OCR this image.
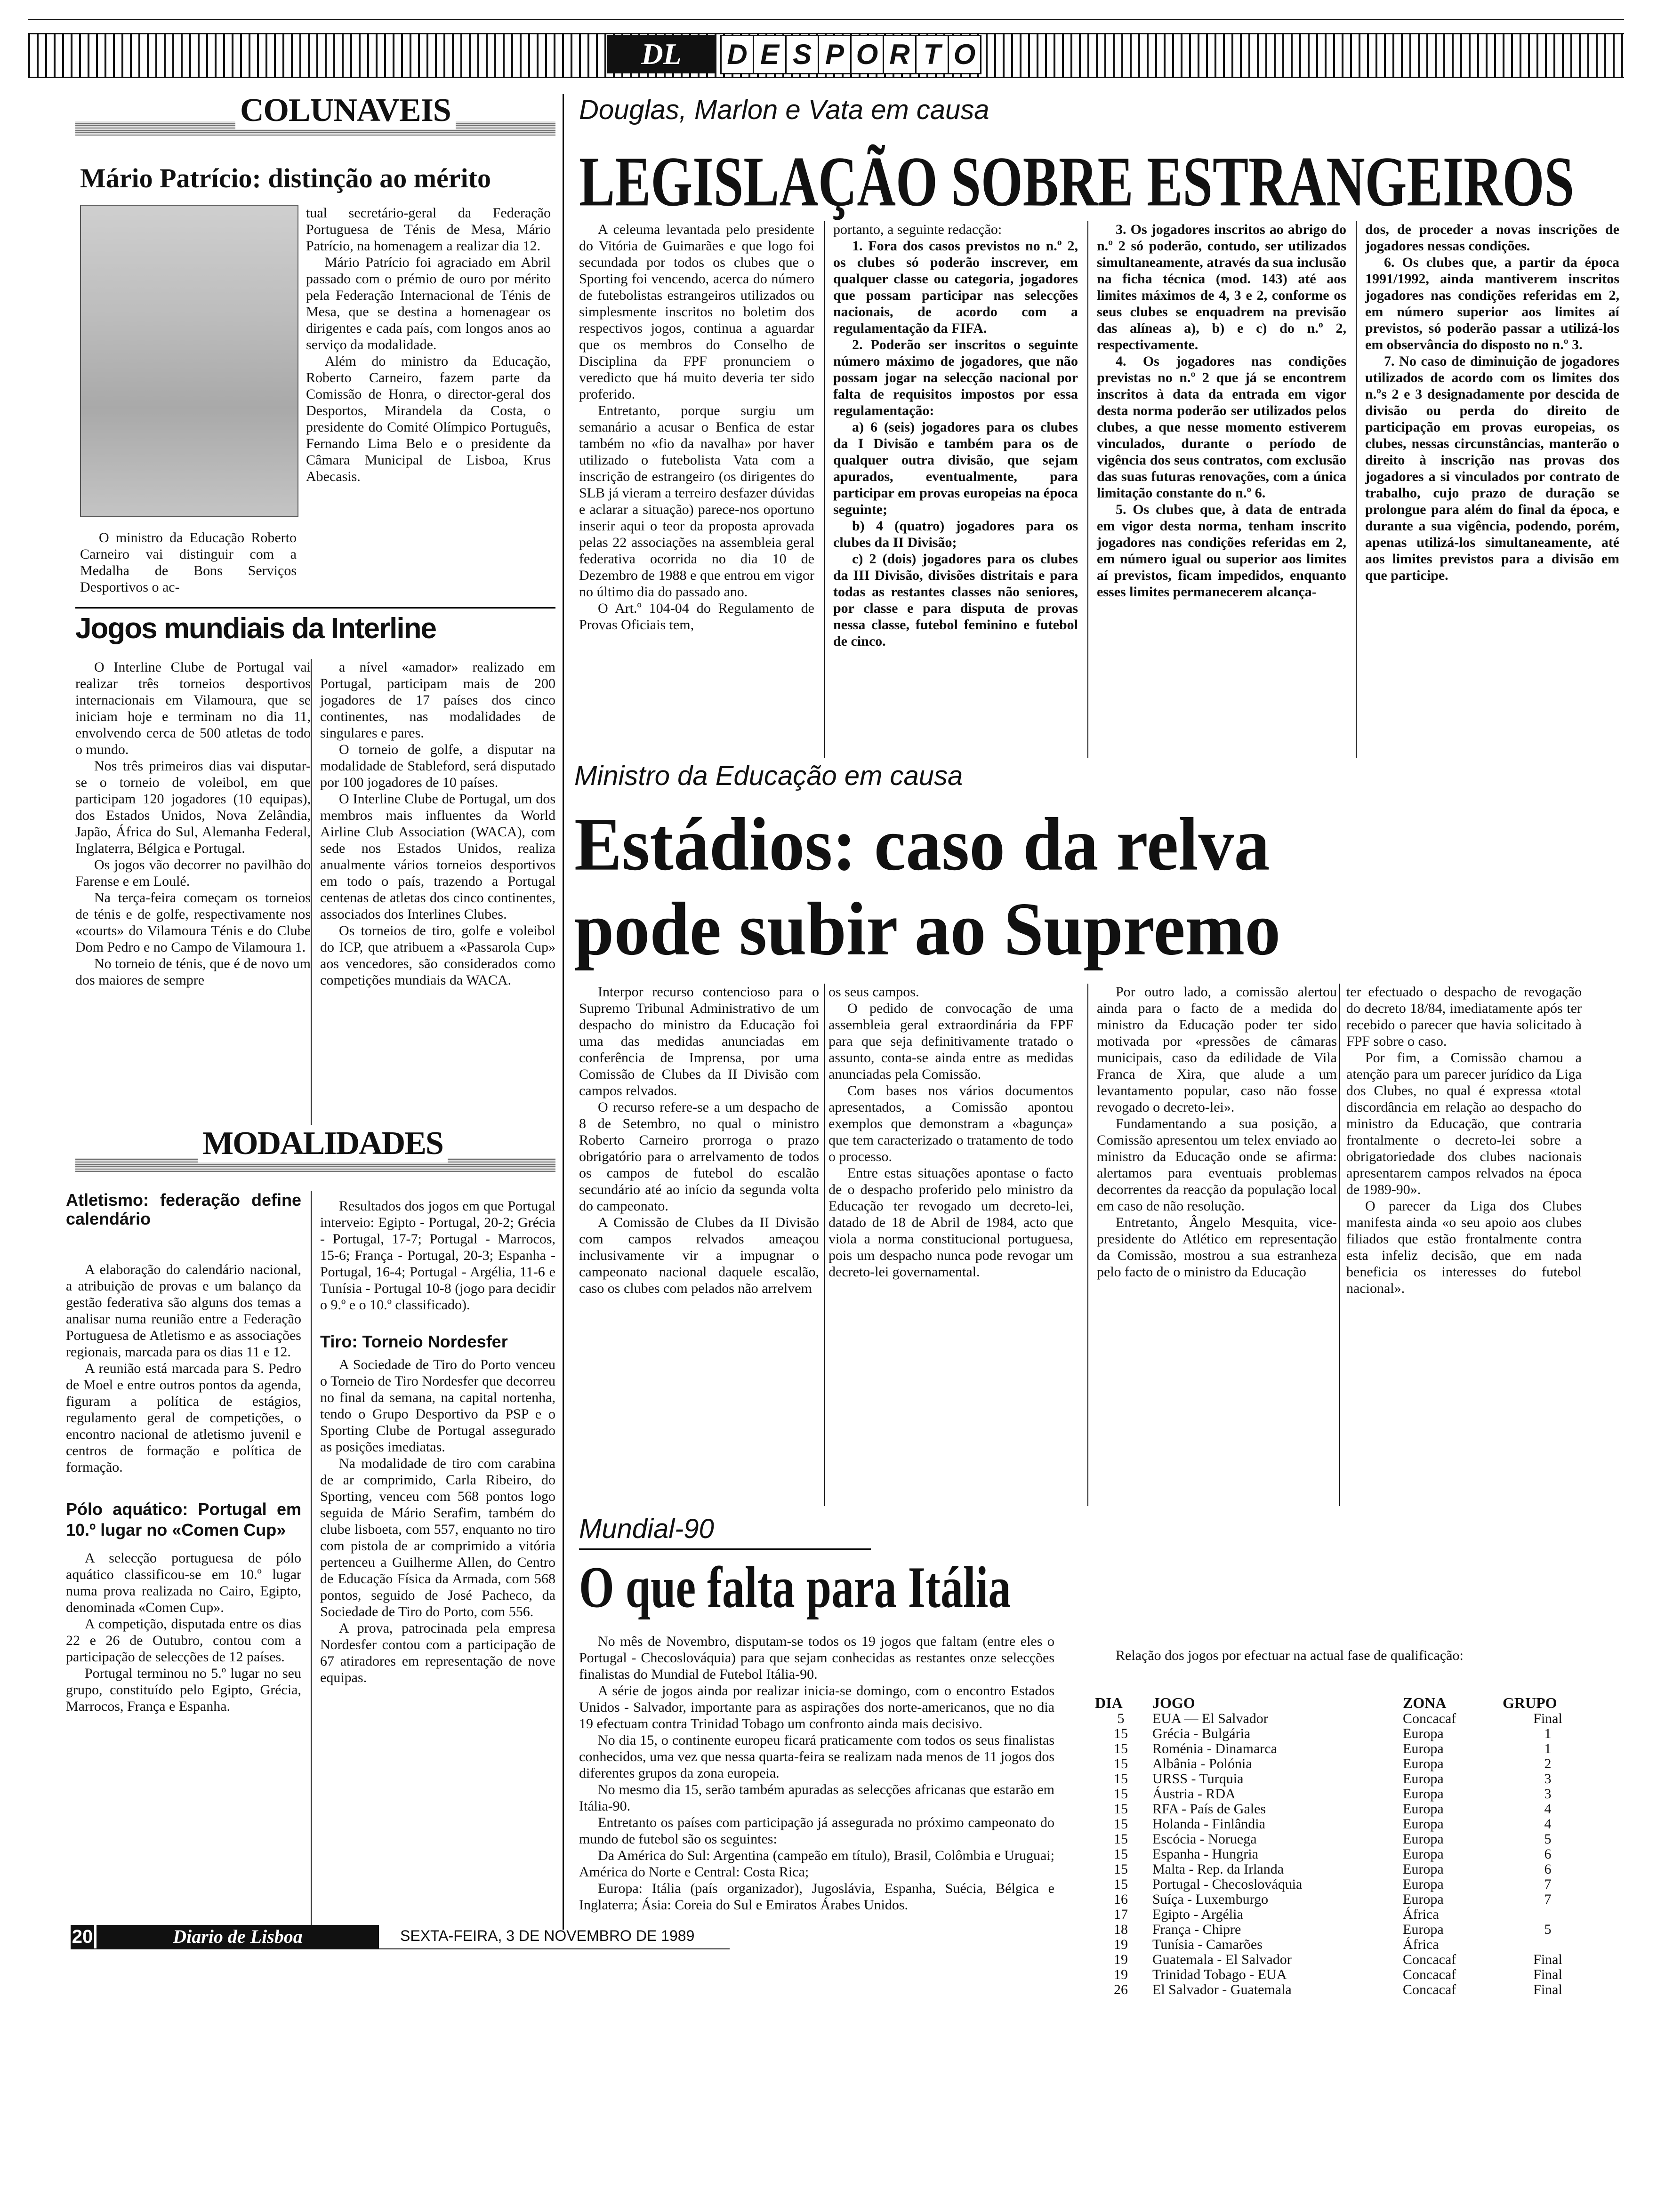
DL	D E S P O R T O
COLUNAVEIS
Mário Patrício: distinção ao mérito

O ministro da Educação Roberto Carneiro vai distinguir com a Medalha de Bons Serviços Desportivos o ac-

tual secretário-geral da Federação Portuguesa de Ténis de Mesa, Mário Patrício, na homenagem a realizar dia 12.

Mário Patrício foi agraciado em Abril passado com o prémio de ouro por mérito pela Federação Internacional de Ténis de Mesa, que se destina a homenagear os dirigentes e cada país, com longos anos ao serviço da modalidade.

Além do ministro da Educação, Roberto Carneiro, fazem parte da Comissão de Honra, o director-geral dos Desportos, Mirandela da Costa, o presidente do Comité Olímpico Português, Fernando Lima Belo e o presidente da Câmara Municipal de Lisboa, Krus Abecasis.

Jogos mundiais da Interline

O Interline Clube de Portugal vai realizar três torneios desportivos internacionais em Vilamoura, que se iniciam hoje e terminam no dia 11, envolvendo cerca de 500 atletas de todo o mundo.

Nos três primeiros dias vai disputar-se o torneio de voleibol, em que participam 120 jogadores (10 equipas), dos Estados Unidos, Nova Zelândia, Japão, África do Sul, Alemanha Federal, Inglaterra, Bélgica e Portugal.

Os jogos vão decorrer no pavilhão do Farense e em Loulé.

Na terça-feira começam os torneios de ténis e de golfe, respectivamente nos «courts» do Vilamoura Ténis e do Clube Dom Pedro e no Campo de Vilamoura 1.

No torneio de ténis, que é de novo um dos maiores de sempre

a nível «amador» realizado em Portugal, participam mais de 200 jogadores de 17 países dos cinco continentes, nas modalidades de singulares e pares.

O torneio de golfe, a disputar na modalidade de Stableford, será disputado por 100 jogadores de 10 países.

O Interline Clube de Portugal, um dos membros mais influentes da World Airline Club Association (WACA), com sede nos Estados Unidos, realiza anualmente vários torneios desportivos em todo o país, trazendo a Portugal centenas de atletas dos cinco continentes, associados dos Interlines Clubes.

Os torneios de tiro, golfe e voleibol do ICP, que atribuem a «Passarola Cup» aos vencedores, são considerados como competições mundiais da WACA.

MODALIDADES
Atletismo: federação define calendário

A elaboração do calendário nacional, a atribuição de provas e um balanço da gestão federativa são alguns dos temas a analisar numa reunião entre a Federação Portuguesa de Atletismo e as associações regionais, marcada para os dias 11 e 12.

A reunião está marcada para S. Pedro de Moel e entre outros pontos da agenda, figuram a política de estágios, regulamento geral de competições, o encontro nacional de atletismo juvenil e centros de formação e política de formação.

Pólo aquático: Portugal em 10.º lugar no «Comen Cup»

A selecção portuguesa de pólo aquático classificou-se em 10.º lugar numa prova realizada no Cairo, Egipto, denominada «Comen Cup».

A competição, disputada entre os dias 22 e 26 de Outubro, contou com a participação de selecções de 12 países.

Portugal terminou no 5.º lugar no seu grupo, constituído pelo Egipto, Grécia, Marrocos, França e Espanha.

Resultados dos jogos em que Portugal interveio: Egipto - Portugal, 20-2; Grécia - Portugal, 17-7; Portugal - Marrocos, 15-6; França - Portugal, 20-3; Espanha - Portugal, 16-4; Portugal - Argélia, 11-6 e Tunísia - Portugal 10-8 (jogo para decidir o 9.º e o 10.º classificado).

Tiro: Torneio Nordesfer

A Sociedade de Tiro do Porto venceu o Torneio de Tiro Nordesfer que decorreu no final da semana, na capital nortenha, tendo o Grupo Desportivo da PSP e o Sporting Clube de Portugal assegurado as posições imediatas.

Na modalidade de tiro com carabina de ar comprimido, Carla Ribeiro, do Sporting, venceu com 568 pontos logo seguida de Mário Serafim, também do clube lisboeta, com 557, enquanto no tiro com pistola de ar comprimido a vitória pertenceu a Guilherme Allen, do Centro de Educação Física da Armada, com 568 pontos, seguido de José Pacheco, da Sociedade de Tiro do Porto, com 556.

A prova, patrocinada pela empresa Nordesfer contou com a participação de 67 atiradores em representação de nove equipas.

Douglas, Marlon e Vata em causa
LEGISLAÇÃO SOBRE ESTRANGEIROS

A celeuma levantada pelo presidente do Vitória de Guimarães e que logo foi secundada por todos os clubes que o Sporting foi vencendo, acerca do número de futebolistas estrangeiros utilizados ou simplesmente inscritos no boletim dos respectivos jogos, continua a aguardar que os membros do Conselho de Disciplina da FPF pronunciem o veredicto que há muito deveria ter sido proferido.

Entretanto, porque surgiu um semanário a acusar o Benfica de estar também no «fio da navalha» por haver utilizado o futebolista Vata com a inscrição de estrangeiro (os dirigentes do SLB já vieram a terreiro desfazer dúvidas e aclarar a situação) parece-nos oportuno inserir aqui o teor da proposta aprovada pelas 22 associações na assembleia geral federativa ocorrida no dia 10 de Dezembro de 1988 e que entrou em vigor no último dia do passado ano.

O Art.º 104-04 do Regulamento de Provas Oficiais tem,

portanto, a seguinte redacção:

1. Fora dos casos previstos no n.º 2, os clubes só poderão inscrever, em qualquer classe ou categoria, jogadores que possam participar nas selecções nacionais, de acordo com a regulamentação da FIFA.

2. Poderão ser inscritos o seguinte número máximo de jogadores, que não possam jogar na selecção nacional por falta de requisitos impostos por essa regulamentação:

a) 6 (seis) jogadores para os clubes da I Divisão e também para os de qualquer outra divisão, que sejam apurados, eventualmente, para participar em provas europeias na época seguinte;

b) 4 (quatro) jogadores para os clubes da II Divisão;

c) 2 (dois) jogadores para os clubes da III Divisão, divisões distritais e para todas as restantes classes não seniores, por classe e para disputa de provas nessa classe, futebol feminino e futebol de cinco.

3. Os jogadores inscritos ao abrigo do n.º 2 só poderão, contudo, ser utilizados simultaneamente, através da sua inclusão na ficha técnica (mod. 143) até aos limites máximos de 4, 3 e 2, conforme os seus clubes se enquadrem na previsão das alíneas a), b) e c) do n.º 2, respectivamente.

4. Os jogadores nas condições previstas no n.º 2 que já se encontrem inscritos à data da entrada em vigor desta norma poderão ser utilizados pelos clubes, a que nesse momento estiverem vinculados, durante o período de vigência dos seus contratos, com exclusão das suas futuras renovações, com a única limitação constante do n.º 6.

5. Os clubes que, à data de entrada em vigor desta norma, tenham inscrito jogadores nas condições referidas em 2, em número igual ou superior aos limites aí previstos, ficam impedidos, enquanto esses limites permanecerem alcança-

dos, de proceder a novas inscrições de jogadores nessas condições.

6. Os clubes que, a partir da época 1991/1992, ainda mantiverem inscritos jogadores nas condições referidas em 2, em número superior aos limites aí previstos, só poderão passar a utilizá-los em observância do disposto no n.º 3.

7. No caso de diminuição de jogadores utilizados de acordo com os limites dos n.ºs 2 e 3 designadamente por descida de divisão ou perda do direito de participação em provas europeias, os clubes, nessas circunstâncias, manterão o direito à inscrição nas provas dos jogadores a si vinculados por contrato de trabalho, cujo prazo de duração se prolongue para além do final da época, e durante a sua vigência, podendo, porém, apenas utilizá-los simultaneamente, até aos limites previstos para a divisão em que participe.

Ministro da Educação em causa
Estádios: caso da relva
pode subir ao Supremo

Interpor recurso contencioso para o Supremo Tribunal Administrativo de um despacho do ministro da Educação foi uma das medidas anunciadas em conferência de Imprensa, por uma Comissão de Clubes da II Divisão com campos relvados.

O recurso refere-se a um despacho de 8 de Setembro, no qual o ministro Roberto Carneiro prorroga o prazo obrigatório para o arrelvamento de todos os campos de futebol do escalão secundário até ao início da segunda volta do campeonato.

A Comissão de Clubes da II Divisão com campos relvados ameaçou inclusivamente vir a impugnar o campeonato nacional daquele escalão, caso os clubes com pelados não arrelvem

os seus campos.

O pedido de convocação de uma assembleia geral extraordinária da FPF para que seja definitivamente tratado o assunto, conta-se ainda entre as medidas anunciadas pela Comissão.

Com bases nos vários documentos apresentados, a Comissão apontou exemplos que demonstram a «bagunça» que tem caracterizado o tratamento de todo o processo.

Entre estas situações apontase o facto de o despacho proferido pelo ministro da Educação ter revogado um decreto-lei, datado de 18 de Abril de 1984, acto que viola a norma constitucional portuguesa, pois um despacho nunca pode revogar um decreto-lei governamental.

Por outro lado, a comissão alertou ainda para o facto de a medida do ministro da Educação poder ter sido motivada por «pressões de câmaras municipais, caso da edilidade de Vila Franca de Xira, que alude a um levantamento popular, caso não fosse revogado o decreto-lei».

Fundamentando a sua posição, a Comissão apresentou um telex enviado ao ministro da Educação onde se afirma: alertamos para eventuais problemas decorrentes da reacção da população local em caso de não resolução.

Entretanto, Ângelo Mesquita, vice-presidente do Atlético em representação da Comissão, mostrou a sua estranheza pelo facto de o ministro da Educação

ter efectuado o despacho de revogação do decreto 18/84, imediatamente após ter recebido o parecer que havia solicitado à FPF sobre o caso.

Por fim, a Comissão chamou a atenção para um parecer jurídico da Liga dos Clubes, no qual é expressa «total discordância em relação ao despacho do ministro da Educação, que contraria frontalmente o decreto-lei sobre a obrigatoriedade dos clubes nacionais apresentarem campos relvados na época de 1989-90».

O parecer da Liga dos Clubes manifesta ainda «o seu apoio aos clubes filiados que estão frontalmente contra esta infeliz decisão, que em nada beneficia os interesses do futebol nacional».

Mundial-90
O que falta para Itália

No mês de Novembro, disputam-se todos os 19 jogos que faltam (entre eles o Portugal - Checoslováquia) para que sejam conhecidas as restantes onze selecções finalistas do Mundial de Futebol Itália-90.

A série de jogos ainda por realizar inicia-se domingo, com o encontro Estados Unidos - Salvador, importante para as aspirações dos norte-americanos, que no dia 19 efectuam contra Trinidad Tobago um confronto ainda mais decisivo.

No dia 15, o continente europeu ficará praticamente com todos os seus finalistas conhecidos, uma vez que nessa quarta-feira se realizam nada menos de 11 jogos dos diferentes grupos da zona europeia.

No mesmo dia 15, serão também apuradas as selecções africanas que estarão em Itália-90.

Entretanto os países com participação já assegurada no próximo campeonato do mundo de futebol são os seguintes:

Da América do Sul: Argentina (campeão em título), Brasil, Colômbia e Uruguai; América do Norte e Central: Costa Rica;

Europa: Itália (país organizador), Jugoslávia, Espanha, Suécia, Bélgica e Inglaterra; Ásia: Coreia do Sul e Emiratos Árabes Unidos.

Relação dos jogos por efectuar na actual fase de qualificação:

DIA	JOGO	ZONA	GRUPO
5	EUA — El Salvador	Concacaf	Final
15	Grécia - Bulgária	Europa	1
15	Roménia - Dinamarca	Europa	1
15	Albânia - Polónia	Europa	2
15	URSS - Turquia	Europa	3
15	Áustria - RDA	Europa	3
15	RFA - País de Gales	Europa	4
15	Holanda - Finlândia	Europa	4
15	Escócia - Noruega	Europa	5
15	Espanha - Hungria	Europa	6
15	Malta - Rep. da Irlanda	Europa	6
15	Portugal - Checoslováquia	Europa	7
16	Suíça - Luxemburgo	Europa	7
17	Egipto - Argélia	África	
18	França - Chipre	Europa	5
19	Tunísia - Camarões	África	
19	Guatemala - El Salvador	Concacaf	Final
19	Trinidad Tobago - EUA	Concacaf	Final
26	El Salvador - Guatemala	Concacaf	Final
20	Diario de Lisboa	SEXTA-FEIRA, 3 DE NOVEMBRO DE 1989
